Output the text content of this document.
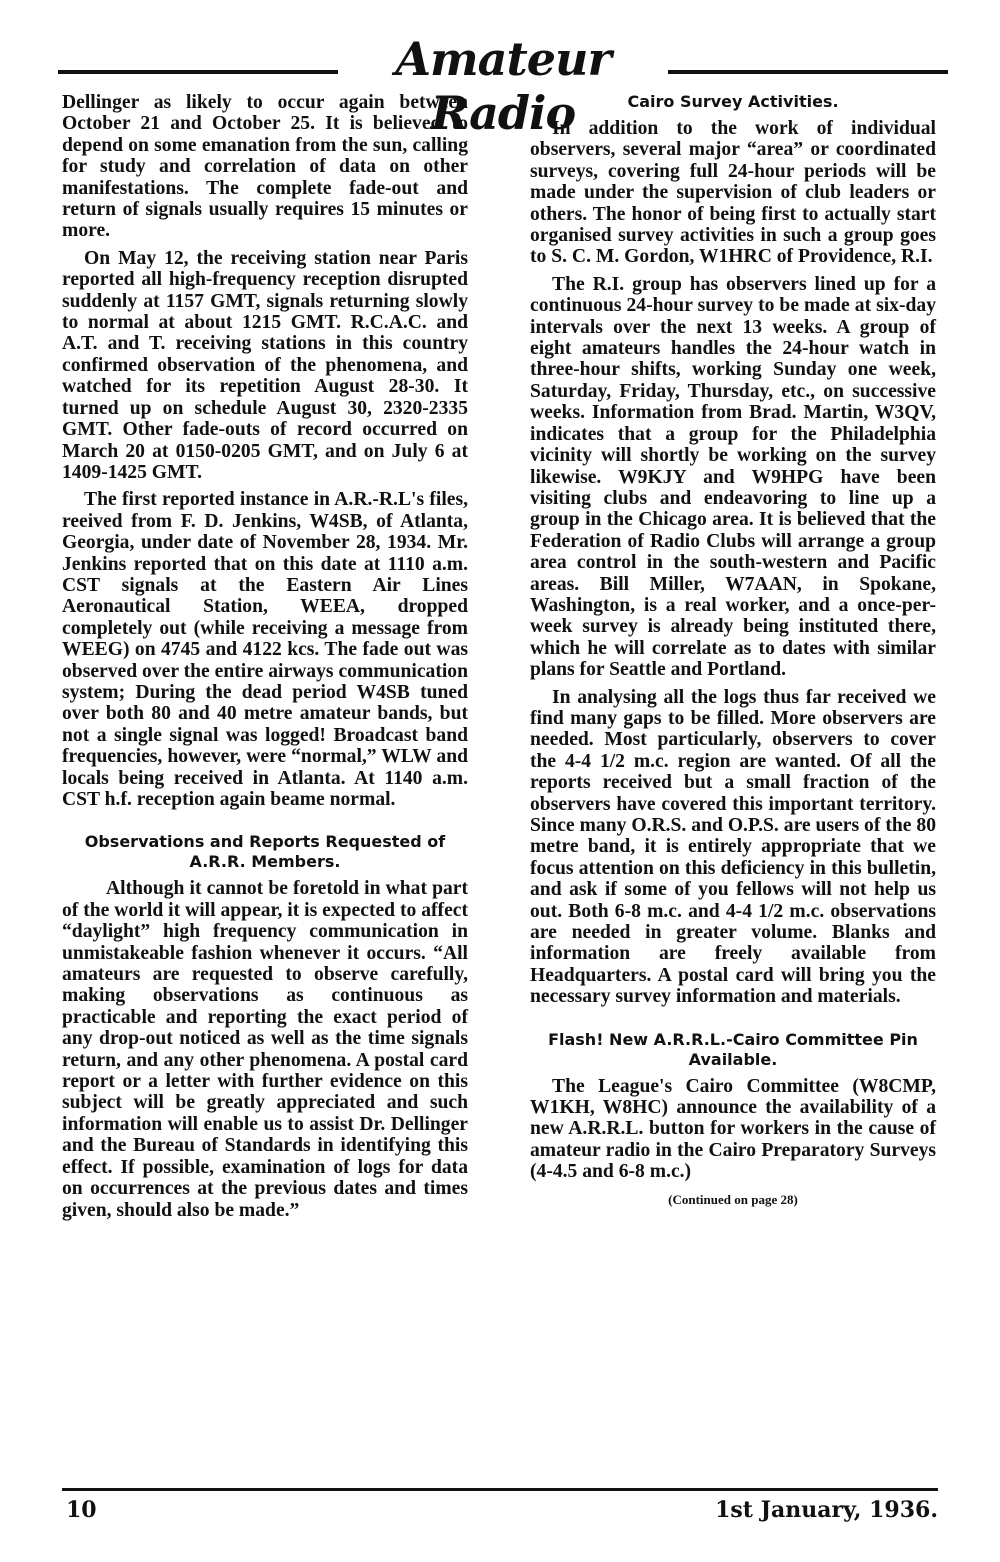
Amateur Radio

Dellinger as likely to occur again between October 21 and October 25. It is believed to depend on some emanation from the sun, calling for study and correlation of data on other manifestations. The complete fade-out and return of signals usually requires 15 minutes or more.

On May 12, the receiving station near Paris reported all high-frequency reception disrupted suddenly at 1157 GMT, signals returning slowly to normal at about 1215 GMT. R.C.A.C. and A.T. and T. receiving stations in this country confirmed observation of the phenomena, and watched for its repetition August 28-30. It turned up on schedule August 30, 2320-2335 GMT. Other fade-outs of record occurred on March 20 at 0150-0205 GMT, and on July 6 at 1409-1425 GMT.

The first reported instance in A.R.-R.L's files, reeived from F. D. Jenkins, W4SB, of Atlanta, Georgia, under date of November 28, 1934. Mr. Jenkins reported that on this date at 1110 a.m. CST signals at the Eastern Air Lines Aeronautical Station, WEEA, dropped completely out (while receiving a message from WEEG) on 4745 and 4122 kcs. The fade out was observed over the entire airways communication system; During the dead period W4SB tuned over both 80 and 40 metre amateur bands, but not a single signal was logged! Broadcast band frequencies, however, were “normal,” WLW and locals being received in Atlanta. At 1140 a.m. CST h.f. reception again beame normal.

Observations and Reports Requested of A.R.R. Members.

Although it cannot be foretold in what part of the world it will appear, it is expected to affect “daylight” high frequency communication in unmistakeable fashion whenever it occurs. “All amateurs are requested to observe carefully, making observations as continuous as practicable and reporting the exact period of any drop-out noticed as well as the time signals return, and any other phenomena. A postal card report or a letter with further evidence on this subject will be greatly appreciated and such information will enable us to assist Dr. Dellinger and the Bureau of Standards in identifying this effect. If possible, examination of logs for data on occurrences at the previous dates and times given, should also be made.”

Cairo Survey Activities.

In addition to the work of individual observers, several major “area” or coordinated surveys, covering full 24-hour periods will be made under the supervision of club leaders or others. The honor of being first to actually start organised survey activities in such a group goes to S. C. M. Gordon, W1HRC of Providence, R.I.

The R.I. group has observers lined up for a continuous 24-hour survey to be made at six-day intervals over the next 13 weeks. A group of eight amateurs handles the 24-hour watch in three-hour shifts, working Sunday one week, Saturday, Friday, Thursday, etc., on successive weeks. Information from Brad. Martin, W3QV, indicates that a group for the Philadelphia vicinity will shortly be working on the survey likewise. W9KJY and W9HPG have been visiting clubs and endeavoring to line up a group in the Chicago area. It is believed that the Federation of Radio Clubs will arrange a group area control in the south-western and Pacific areas. Bill Miller, W7AAN, in Spokane, Washington, is a real worker, and a once-per-week survey is already being instituted there, which he will correlate as to dates with similar plans for Seattle and Portland.

In analysing all the logs thus far received we find many gaps to be filled. More observers are needed. Most particularly, observers to cover the 4-4 1/2 m.c. region are wanted. Of all the reports received but a small fraction of the observers have covered this important territory. Since many O.R.S. and O.P.S. are users of the 80 metre band, it is entirely appropriate that we focus attention on this deficiency in this bulletin, and ask if some of you fellows will not help us out. Both 6-8 m.c. and 4-4 1/2 m.c. observations are needed in greater volume. Blanks and information are freely available from Headquarters. A postal card will bring you the necessary survey information and materials.

Flash! New A.R.R.L.-Cairo Committee Pin Available.

The League's Cairo Committee (W8CMP, W1KH, W8HC) announce the availability of a new A.R.R.L. button for workers in the cause of amateur radio in the Cairo Preparatory Surveys (4-4.5 and 6-8 m.c.)

(Continued on page 28)
10	1st January, 1936.
